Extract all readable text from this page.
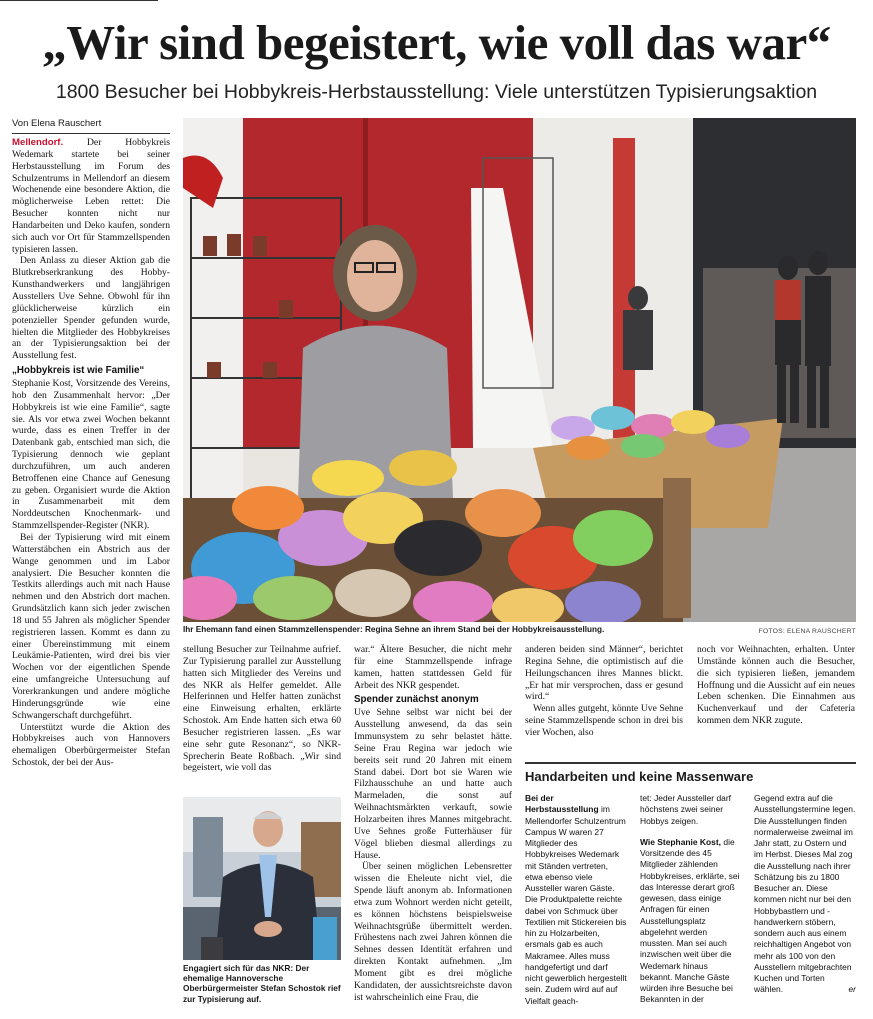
„Wir sind begeistert, wie voll das war“
1800 Besucher bei Hobbykreis-Herbstausstellung: Viele unterstützen Typisierungsaktion
Von Elena Rauschert

Mellendorf. Der Hobbykreis Wedemark startete bei seiner Herbstausstellung im Forum des Schulzentrums in Mellendorf an diesem Wochenende eine besondere Aktion, die möglicherweise Leben rettet: Die Besucher konnten nicht nur Handarbeiten und Deko kaufen, sondern sich auch vor Ort für Stammzellspenden typisieren lassen.

Den Anlass zu dieser Aktion gab die Blutkrebserkrankung des Hobby-Kunsthandwerkers und langjährigen Ausstellers Uve Sehne. Obwohl für ihn glücklicherweise kürzlich ein potenzieller Spender gefunden wurde, hielten die Mitglieder des Hobbykreises an der Typisierungsaktion bei der Ausstellung fest.

„Hobbykreis ist wie Familie“

Stephanie Kost, Vorsitzende des Vereins, hob den Zusammenhalt hervor: „Der Hobbykreis ist wie eine Familie“, sagte sie. Als vor etwa zwei Wochen bekannt wurde, dass es einen Treffer in der Datenbank gab, entschied man sich, die Typisierung dennoch wie geplant durchzuführen, um auch anderen Betroffenen eine Chance auf Genesung zu geben. Organisiert wurde die Aktion in Zusammenarbeit mit dem Norddeutschen Knochenmark- und Stammzellspender-Register (NKR).

Bei der Typisierung wird mit einem Watterstäbchen ein Abstrich aus der Wange genommen und im Labor analysiert. Die Besucher konnten die Testkits allerdings auch mit nach Hause nehmen und den Abstrich dort machen. Grundsätzlich kann sich jeder zwischen 18 und 55 Jahren als möglicher Spender registrieren lassen. Kommt es dann zu einer Übereinstimmung mit einem Leukämie-Patienten, wird drei bis vier Wochen vor der eigentlichen Spende eine umfangreiche Untersuchung auf Vorerkrankungen und andere mögliche Hinderungsgründe wie eine Schwangerschaft durchgeführt.

Unterstützt wurde die Aktion des Hobbykreises auch von Hannovers ehemaligen Oberbürgermeister Stefan Schostok, der bei der Aus-

Ihr Ehemann fand einen Stammzellenspender: Regina Sehne an ihrem Stand bei der Hobbykreisausstellung.	FOTOS: ELENA RAUSCHERT

stellung Besucher zur Teilnahme aufrief. Zur Typisierung parallel zur Ausstellung hatten sich Mitglieder des Vereins und des NKR als Helfer gemeldet. Alle Helferinnen und Helfer hatten zunächst eine Einweisung erhalten, erklärte Schostok. Am Ende hatten sich etwa 60 Besucher registrieren lassen. „Es war eine sehr gute Resonanz“, so NKR-Sprecherin Beate Roßbach. „Wir sind begeistert, wie voll das

Engagiert sich für das NKR: Der ehemalige Hannoversche Oberbürgermeister Stefan Schostok rief zur Typisierung auf.

war.“ Ältere Besucher, die nicht mehr für eine Stammzellspende infrage kamen, hatten stattdessen Geld für Arbeit des NKR gespendet.

Spender zunächst anonym

Uve Sehne selbst war nicht bei der Ausstellung anwesend, da das sein Immunsystem zu sehr belastet hätte. Seine Frau Regina war jedoch wie bereits seit rund 20 Jahren mit einem Stand dabei. Dort bot sie Waren wie Filzhausschuhe an und hatte auch Marmeladen, die sonst auf Weihnachtsmärkten verkauft, sowie Holzarbeiten ihres Mannes mitgebracht. Uve Sehnes große Futterhäuser für Vögel blieben diesmal allerdings zu Hause.

Über seinen möglichen Lebensretter wissen die Eheleute nicht viel, die Spende läuft anonym ab. Informationen etwa zum Wohnort werden nicht geteilt, es können höchstens beispielsweise Weihnachtsgrüße übermittelt werden. Frühestens nach zwei Jahren können die Sehnes dessen Identität erfahren und direkten Kontakt aufnehmen. „Im Moment gibt es drei mögliche Kandidaten, der aussichtsreichste davon ist wahrscheinlich eine Frau, die

anderen beiden sind Männer“, berichtet Regina Sehne, die optimistisch auf die Heilungschancen ihres Mannes blickt. „Er hat mir versprochen, dass er gesund wird.“

Wenn alles gutgeht, könnte Uve Sehne seine Stammzellspende schon in drei bis vier Wochen, also

noch vor Weihnachten, erhalten. Unter Umstände können auch die Besucher, die sich typisieren ließen, jemandem Hoffnung und die Aussicht auf ein neues Leben schenken. Die Einnahmen aus Kuchenverkauf und der Cafeteria kommen dem NKR zugute.

Handarbeiten und keine Massenware

Bei der Herbstausstellung im Mellendorfer Schulzentrum Campus W waren 27 Mitglieder des Hobbykreises Wedemark mit Ständen vertreten, etwa ebenso viele Aussteller waren Gäste. Die Produktpalette reichte dabei von Schmuck über Textilien mit Stickereien bis hin zu Holzarbeiten, ersmals gab es auch Makramee. Alles muss handgefertigt und darf nicht gewerblich hergestellt sein. Zudem wird auf auf Vielfalt geach-

tet: Jeder Aussteller darf höchstens zwei seiner Hobbys zeigen.

Wie Stephanie Kost, die Vorsitzende des 45 Mitglieder zählenden Hobbykreises, erklärte, sei das Interesse derart groß gewesen, dass einige Anfragen für einen Ausstellungsplatz abgelehnt werden mussten. Man sei auch inzwischen weit über die Wedemark hinaus bekannt. Manche Gäste würden ihre Besuche bei Bekannten in der

Gegend extra auf die Ausstellungstermine legen. Die Ausstellungen finden normalerweise zweimal im Jahr statt, zu Ostern und im Herbst. Dieses Mal zog die Ausstellung nach ihrer Schätzung bis zu 1800 Besucher an. Diese kommen nicht nur bei den Hobbybastlern und -handwerkern stöbern, sondern auch aus einem reichhaltigen Angebot von mehr als 100 von den Ausstellern mitgebrachten Kuchen und Torten wählen.	er
